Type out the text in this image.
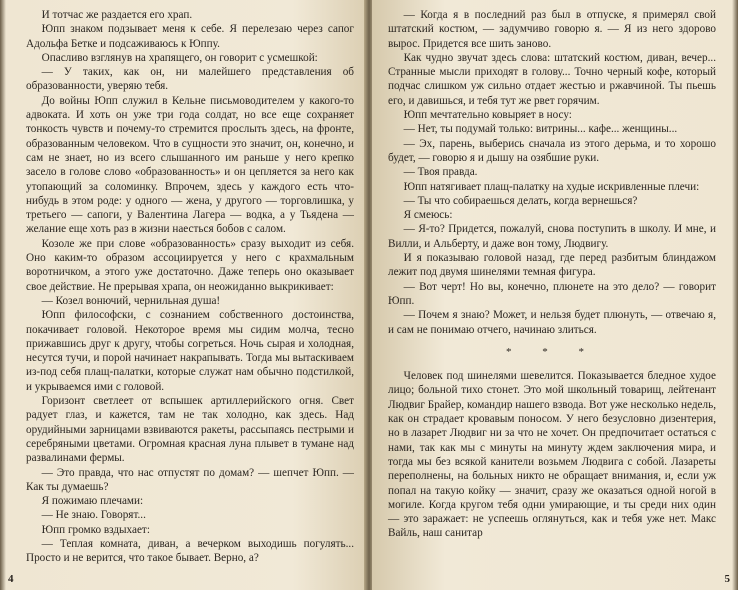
И тотчас же раздается его храп.

Юпп знаком подзывает меня к себе. Я перелезаю через сапог Адольфа Бетке и подсаживаюсь к Юппу.

Опасливо взглянув на храпящего, он говорит с усмешкой:

— У таких, как он, ни малейшего представления об образованности, уверяю тебя.

До войны Юпп служил в Кельне письмоводителем у какого-то адвоката. И хоть он уже три года солдат, но все еще сохраняет тонкость чувств и почему-то стремится прослыть здесь, на фронте, образованным человеком. Что в сущности это значит, он, конечно, и сам не знает, но из всего слышанного им раньше у него крепко засело в голове слово «образованность» и он цепляется за него как утопающий за соломинку. Впрочем, здесь у каждого есть что-нибудь в этом роде: у одного — жена, у другого — торговлишка, у третьего — сапоги, у Валентина Лагера — водка, а у Тьядена — желание еще хоть раз в жизни наесться бобов с салом.

Козоле же при слове «образованность» сразу выходит из себя. Оно каким-то образом ассоциируется у него с крахмальным воротничком, а этого уже достаточно. Даже теперь оно оказывает свое действие. Не прерывая храпа, он неожиданно выкрикивает:

— Козел вонючий, чернильная душа!

Юпп философски, с сознанием собственного достоинства, покачивает головой. Некоторое время мы сидим молча, тесно прижавшись друг к другу, чтобы согреться. Ночь сырая и холодная, несутся тучи, и порой начинает накрапывать. Тогда мы вытаскиваем из-под себя плащ-палатки, которые служат нам обычно подстилкой, и укрываемся ими с головой.

Горизонт светлеет от вспышек артиллерийского огня. Свет радует глаз, и кажется, там не так холодно, как здесь. Над орудийными зарницами взвиваются ракеты, рассыпаясь пестрыми и серебряными цветами. Огромная красная луна плывет в тумане над развалинами фермы.

— Это правда, что нас отпустят по домам? — шепчет Юпп. — Как ты думаешь?

Я пожимаю плечами:

— Не знаю. Говорят...

Юпп громко вздыхает:

— Теплая комната, диван, а вечерком выходишь погулять... Просто и не верится, что такое бывает. Верно, а?

4

— Когда я в последний раз был в отпуске, я примерял свой штатский костюм, — задумчиво говорю я. — Я из него здорово вырос. Придется все шить заново.

Как чудно звучат здесь слова: штатский костюм, диван, вечер... Странные мысли приходят в голову... Точно черный кофе, который подчас слишком уж сильно отдает жестью и ржавчиной. Ты пьешь его, и давишься, и тебя тут же рвет горячим.

Юпп мечтательно ковыряет в носу:

— Нет, ты подумай только: витрины... кафе... женщины...

— Эх, парень, выберись сначала из этого дерьма, и то хорошо будет, — говорю я и дышу на озябшие руки.

— Твоя правда.

Юпп натягивает плащ-палатку на худые искривленные плечи:

— Ты что собираешься делать, когда вернешься?

Я смеюсь:

— Я-то? Придется, пожалуй, снова поступить в школу. И мне, и Вилли, и Альберту, и даже вон тому, Людвигу.

И я показываю головой назад, где перед разбитым блиндажом лежит под двумя шинелями темная фигура.

— Вот черт! Но вы, конечно, плюнете на это дело? — говорит Юпп.

— Почем я знаю? Может, и нельзя будет плюнуть, — отвечаю я, и сам не понимаю отчего, начинаю злиться.

* * *

Человек под шинелями шевелится. Показывается бледное худое лицо; больной тихо стонет. Это мой школьный товарищ, лейтенант Людвиг Брайер, командир нашего взвода. Вот уже несколько недель, как он страдает кровавым поносом. У него безусловно дизентерия, но в лазарет Людвиг ни за что не хочет. Он предпочитает остаться с нами, так как мы с минуты на минуту ждем заключения мира, и тогда мы без всякой канители возьмем Людвига с собой. Лазареты переполнены, на больных никто не обращает внимания, и, если уж попал на такую койку — значит, сразу же оказаться одной ногой в могиле. Когда кругом тебя одни умирающие, и ты среди них один — это заражает: не успеешь оглянуться, как и тебя уже нет. Макс Вайль, наш санитар

5
